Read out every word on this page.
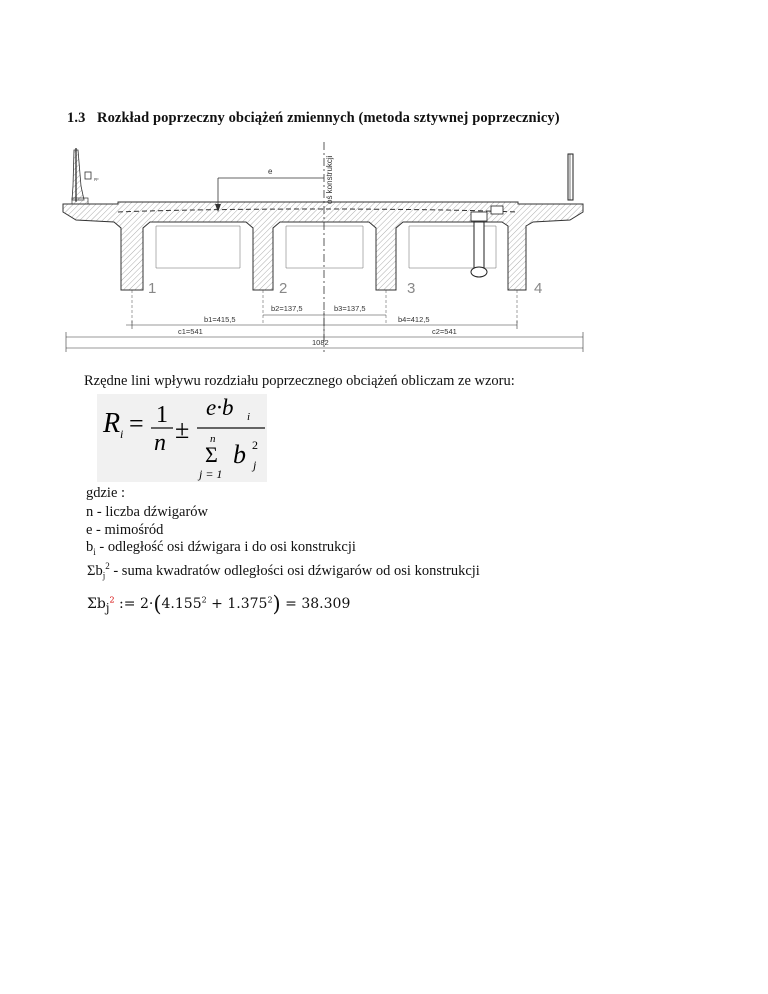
1.3 Rozkład poprzeczny obciążeń zmiennych (metoda sztywnej poprzecznicy)
pp	oś konstrukcji
e
1	2	3	4
b2=137,5	b3=137,5
b1=415,5	b4=412,5
c1=541	c2=541
1082
Rzędne lini wpływu rozdziału poprzecznego obciążeń obliczam ze wzoru:
R i = 1
n ±
e·b i
n
Σ b 2
j
j = 1
gdzie :
n - liczba dźwigarów
e - mimośród
$b_i$ - odległość osi dźwigara i do osi konstrukcji
$\Sigma b_j^2$ - suma kwadratów odległości osi dźwigarów od osi konstrukcji
$\Sigma b_j^2$ := $2\cdot(4.155^2 + 1.375^2) = 38.309$
